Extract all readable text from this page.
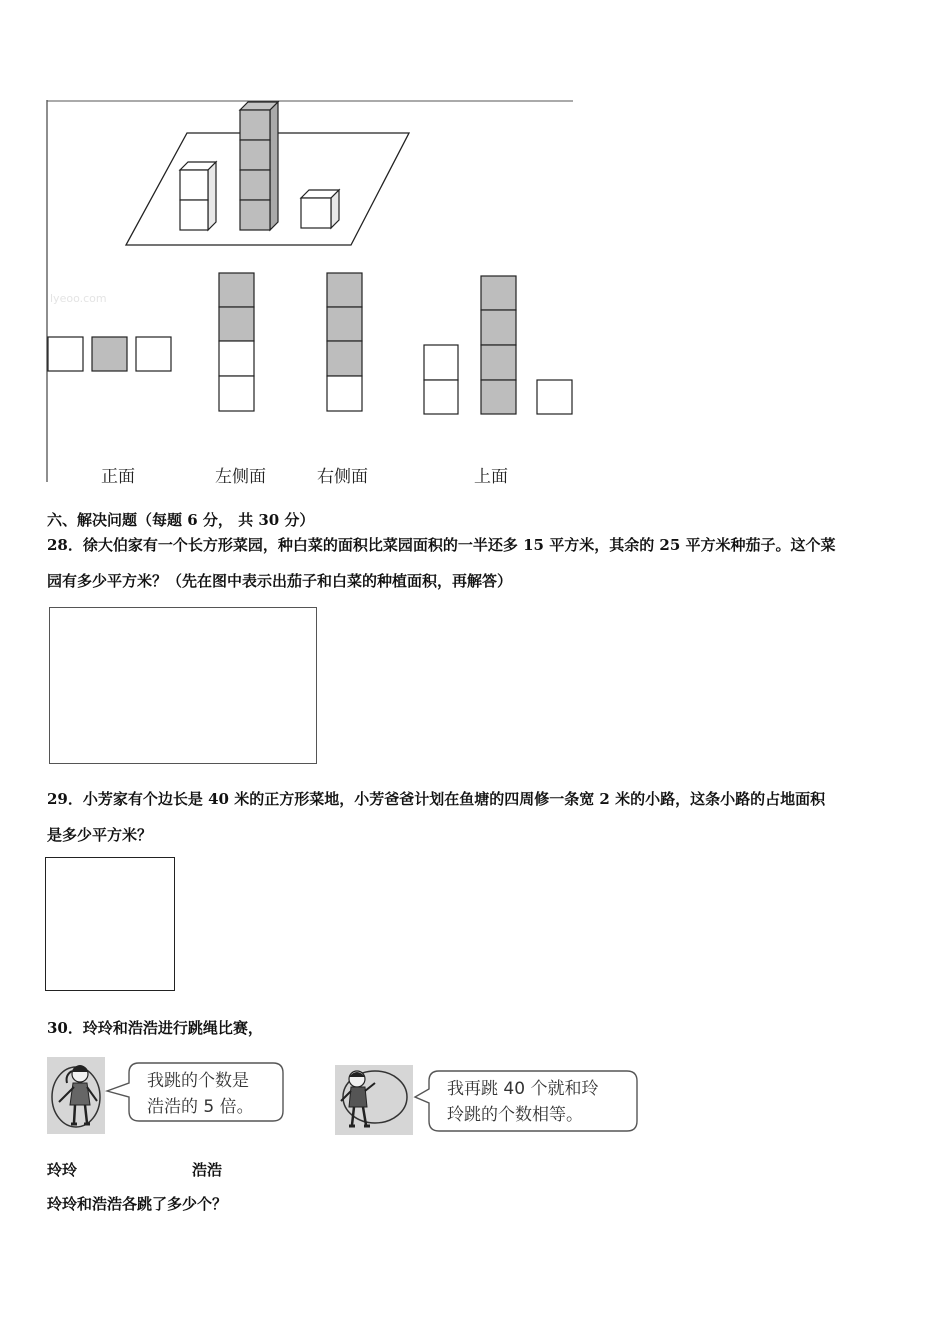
lyeoo.com
正面	左侧面	右侧面	上面
六、解决问题（每题 6 分， 共 30 分）
28．徐大伯家有一个长方形菜园，种白菜的面积比菜园面积的一半还多 15 平方米，其余的 25 平方米种茄子。这个菜
园有多少平方米？（先在图中表示出茄子和白菜的种植面积，再解答）
29．小芳家有个边长是 40 米的正方形菜地，小芳爸爸计划在鱼塘的四周修一条宽 2 米的小路，这条小路的占地面积
是多少平方米？
30．玲玲和浩浩进行跳绳比赛，
我跳的个数是
浩浩的 5 倍。
我再跳 40 个就和玲
玲跳的个数相等。
玲玲	浩浩
玲玲和浩浩各跳了多少个？
